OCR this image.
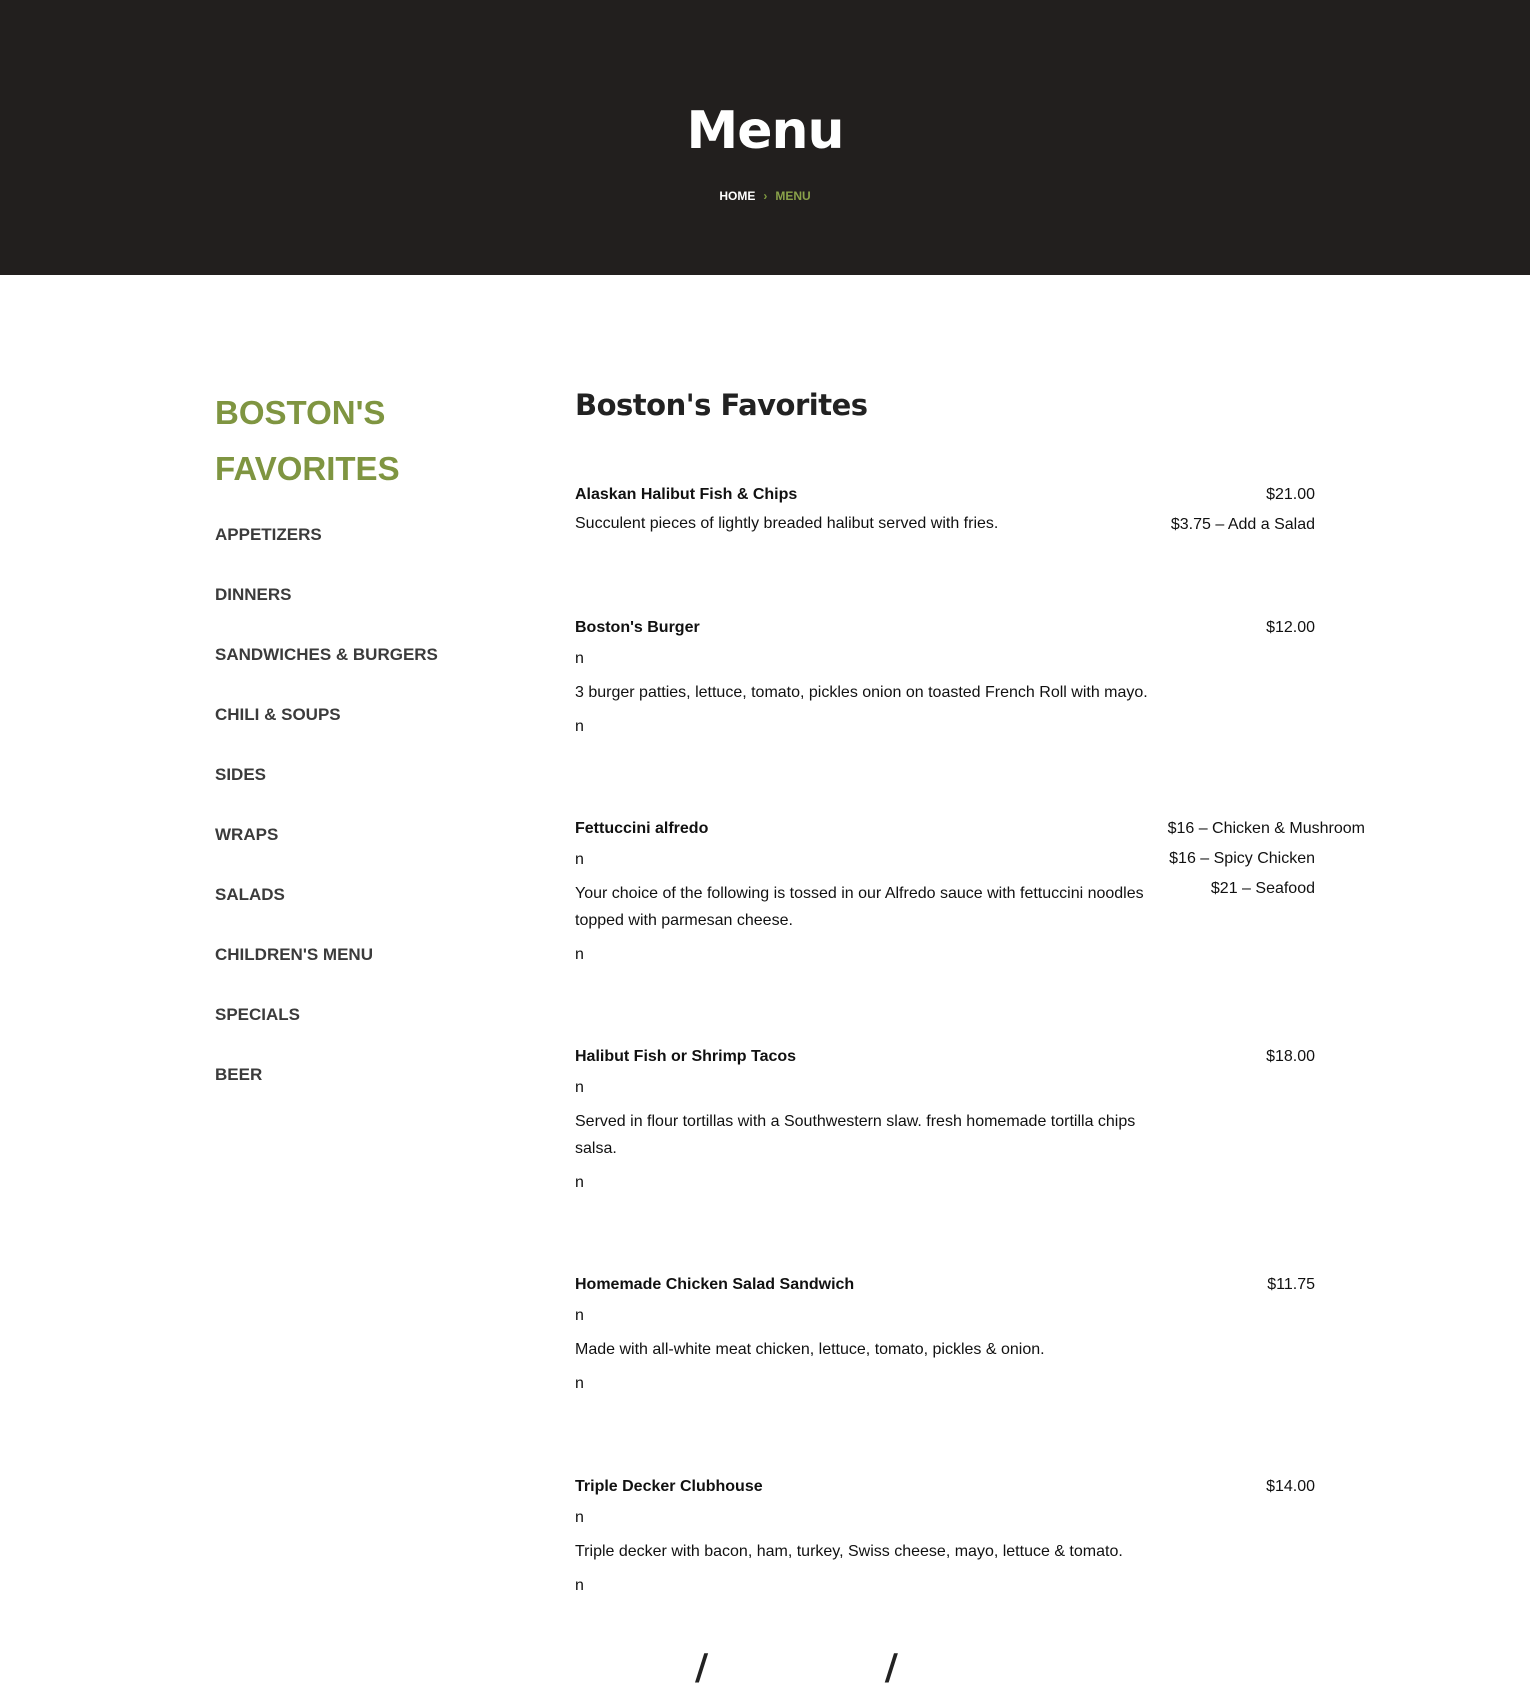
Menu
HOME › MENU
BOSTON'S FAVORITES
APPETIZERS
DINNERS
SANDWICHES & BURGERS
CHILI & SOUPS
SIDES
WRAPS
SALADS
CHILDREN'S MENU
SPECIALS
BEER
Boston's Favorites
Alaskan Halibut Fish & Chips
Succulent pieces of lightly breaded halibut served with fries.
$21.00
$3.75 – Add a Salad
Boston's Burger
n
3 burger patties, lettuce, tomato, pickles onion on toasted French Roll with mayo.
n
$12.00
Fettuccini alfredo
n
Your choice of the following is tossed in our Alfredo sauce with fettuccini noodles topped with parmesan cheese.
n
$16 – Chicken & Mushroom
$16 – Spicy Chicken
$21 – Seafood
Halibut Fish or Shrimp Tacos
n
Served in flour tortillas with a Southwestern slaw. fresh homemade tortilla chips salsa.
n
$18.00
Homemade Chicken Salad Sandwich
n
Made with all-white meat chicken, lettuce, tomato, pickles & onion.
n
$11.75
Triple Decker Clubhouse
n
Triple decker with bacon, ham, turkey, Swiss cheese, mayo, lettuce & tomato.
n
$14.00
/	/
